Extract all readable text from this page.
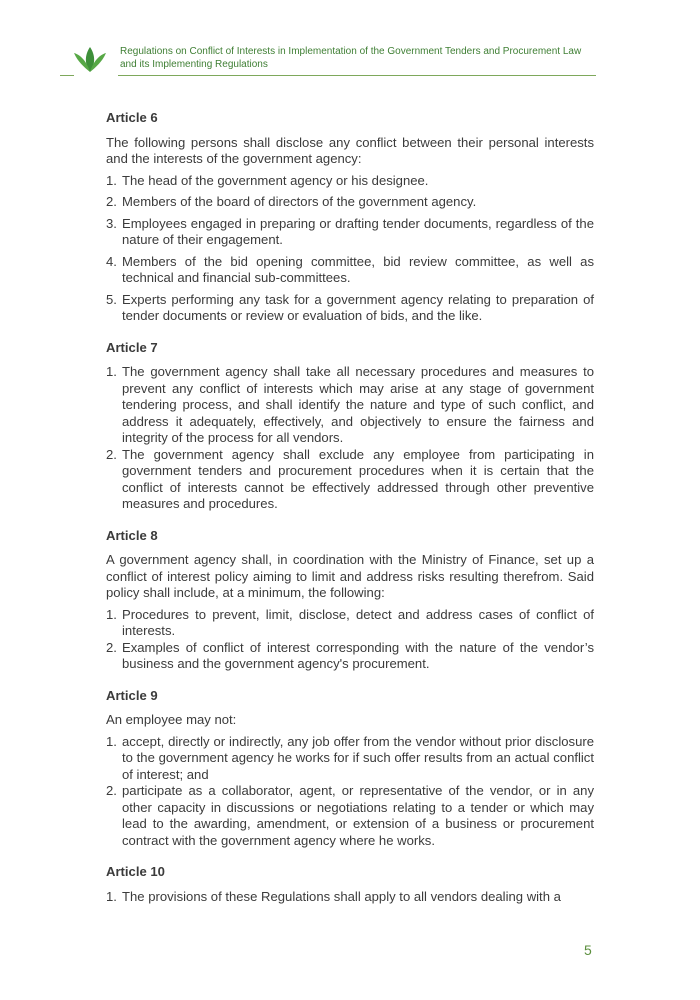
Regulations on Conflict of Interests in Implementation of the Government Tenders and Procurement Law and its Implementing Regulations
Article 6

The following persons shall disclose any conflict between their personal interests and the interests of the government agency:

1. The head of the government agency or his designee.
2. Members of the board of directors of the government agency.
3. Employees engaged in preparing or drafting tender documents, regardless of the nature of their engagement.
4. Members of the bid opening committee, bid review committee, as well as technical and financial sub-committees.
5. Experts performing any task for a government agency relating to preparation of tender documents or review or evaluation of bids, and the like.
Article 7
1. The government agency shall take all necessary procedures and measures to prevent any conflict of interests which may arise at any stage of government tendering process, and shall identify the nature and type of such conflict, and address it adequately, effectively, and objectively to ensure the fairness and integrity of the process for all vendors.
2. The government agency shall exclude any employee from participating in government tenders and procurement procedures when it is certain that the conflict of interests cannot be effectively addressed through other preventive measures and procedures.
Article 8

A government agency shall, in coordination with the Ministry of Finance, set up a conflict of interest policy aiming to limit and address risks resulting therefrom. Said policy shall include, at a minimum, the following:

1. Procedures to prevent, limit, disclose, detect and address cases of conflict of interests.
2. Examples of conflict of interest corresponding with the nature of the vendor’s business and the government agency's procurement.
Article 9

An employee may not:

1. accept, directly or indirectly, any job offer from the vendor without prior disclosure to the government agency he works for if such offer results from an actual conflict of interest; and
2. participate as a collaborator, agent, or representative of the vendor, or in any other capacity in discussions or negotiations relating to a tender or which may lead to the awarding, amendment, or extension of a business or procurement contract with the government agency where he works.
Article 10
1. The provisions of these Regulations shall apply to all vendors dealing with a
5
